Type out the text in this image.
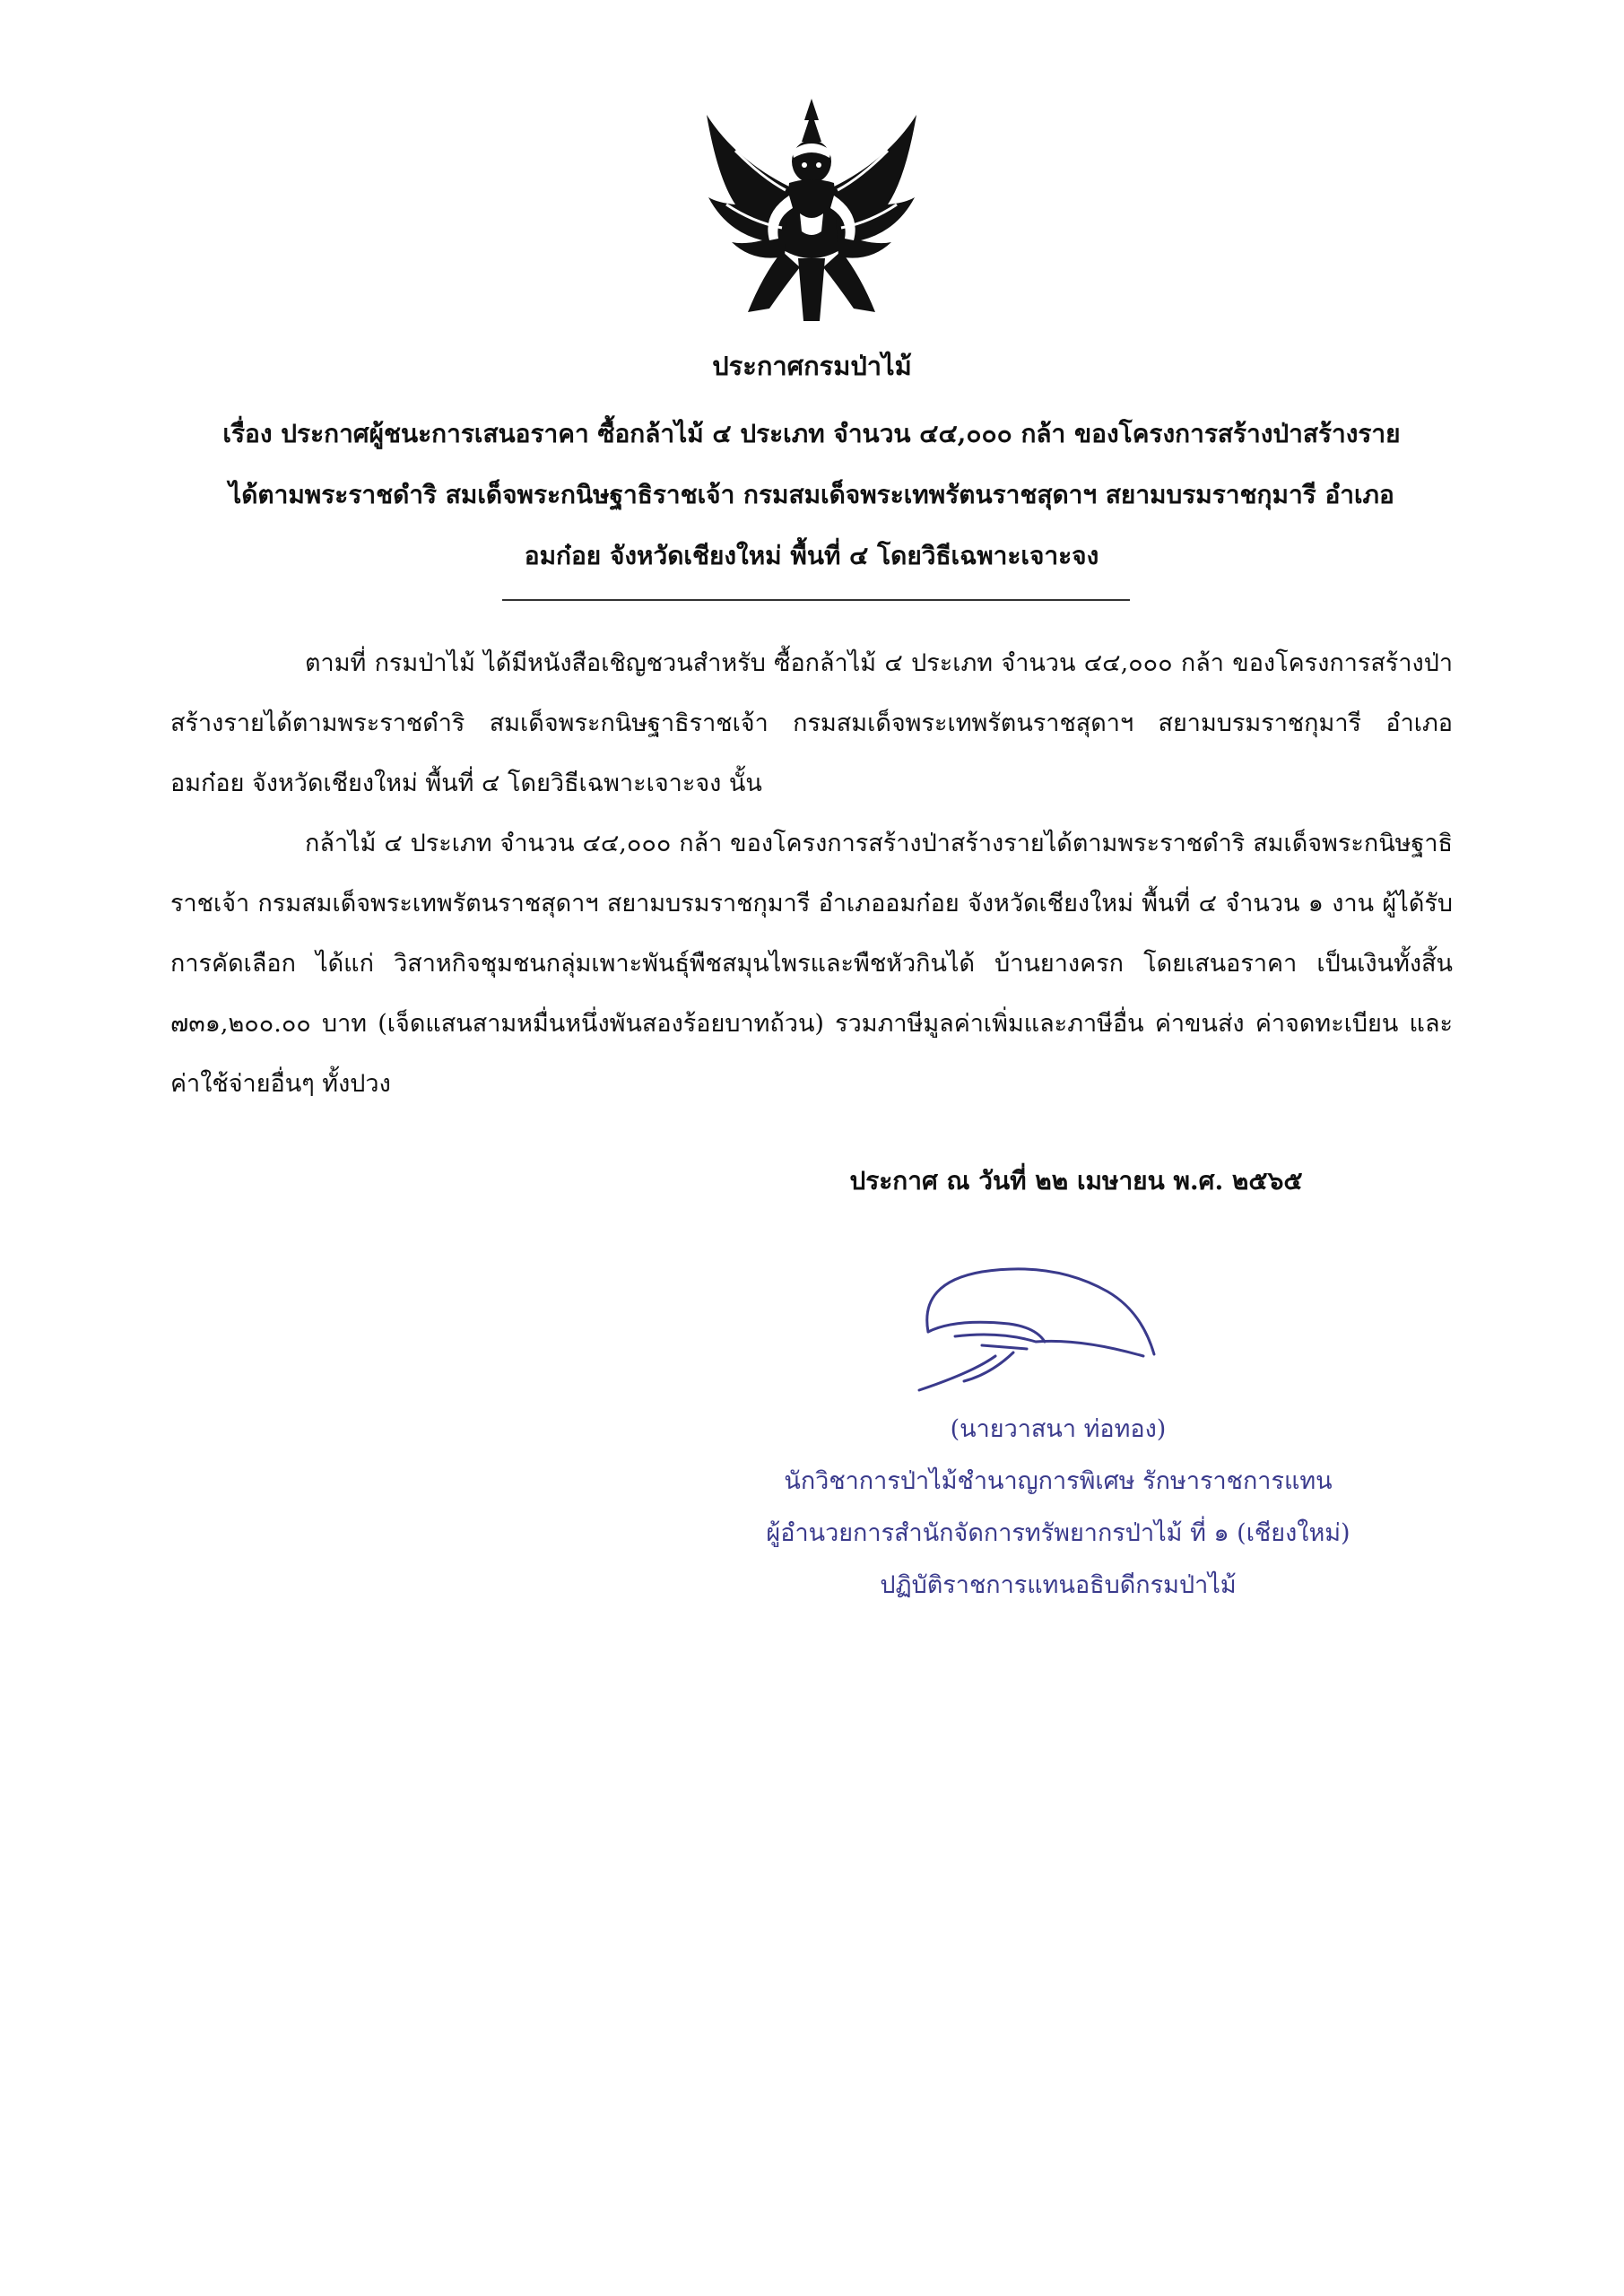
ประกาศกรมป่าไม้
เรื่อง ประกาศผู้ชนะการเสนอราคา ซื้อกล้าไม้ ๔ ประเภท จำนวน ๔๔,๐๐๐ กล้า ของโครงการสร้างป่าสร้างราย
ได้ตามพระราชดำริ สมเด็จพระกนิษฐาธิราชเจ้า กรมสมเด็จพระเทพรัตนราชสุดาฯ สยามบรมราชกุมารี อำเภอ
อมก๋อย จังหวัดเชียงใหม่ พื้นที่ ๔ โดยวิธีเฉพาะเจาะจง

ตามที่ กรมป่าไม้ ได้มีหนังสือเชิญชวนสำหรับ ซื้อกล้าไม้ ๔ ประเภท จำนวน ๔๔,๐๐๐ กล้า ของโครงการสร้างป่าสร้างรายได้ตามพระราชดำริ สมเด็จพระกนิษฐาธิราชเจ้า กรมสมเด็จพระเทพรัตนราชสุดาฯ สยามบรมราชกุมารี อำเภออมก๋อย จังหวัดเชียงใหม่ พื้นที่ ๔ โดยวิธีเฉพาะเจาะจง นั้น

กล้าไม้ ๔ ประเภท จำนวน ๔๔,๐๐๐ กล้า ของโครงการสร้างป่าสร้างรายได้ตามพระราชดำริ สมเด็จพระกนิษฐาธิราชเจ้า กรมสมเด็จพระเทพรัตนราชสุดาฯ สยามบรมราชกุมารี อำเภออมก๋อย จังหวัดเชียงใหม่ พื้นที่ ๔ จำนวน ๑ งาน ผู้ได้รับการคัดเลือก ได้แก่ วิสาหกิจชุมชนกลุ่มเพาะพันธุ์พืชสมุนไพรและพืชหัวกินได้ บ้านยางครก โดยเสนอราคา เป็นเงินทั้งสิ้น ๗๓๑,๒๐๐.๐๐ บาท (เจ็ดแสนสามหมื่นหนึ่งพันสองร้อยบาทถ้วน) รวมภาษีมูลค่าเพิ่มและภาษีอื่น ค่าขนส่ง ค่าจดทะเบียน และค่าใช้จ่ายอื่นๆ ทั้งปวง

ประกาศ ณ วันที่ ๒๒ เมษายน พ.ศ. ๒๕๖๕
(นายวาสนา ท่อทอง)
นักวิชาการป่าไม้ชำนาญการพิเศษ รักษาราชการแทน
ผู้อำนวยการสำนักจัดการทรัพยากรป่าไม้ ที่ ๑ (เชียงใหม่)
ปฏิบัติราชการแทนอธิบดีกรมป่าไม้
